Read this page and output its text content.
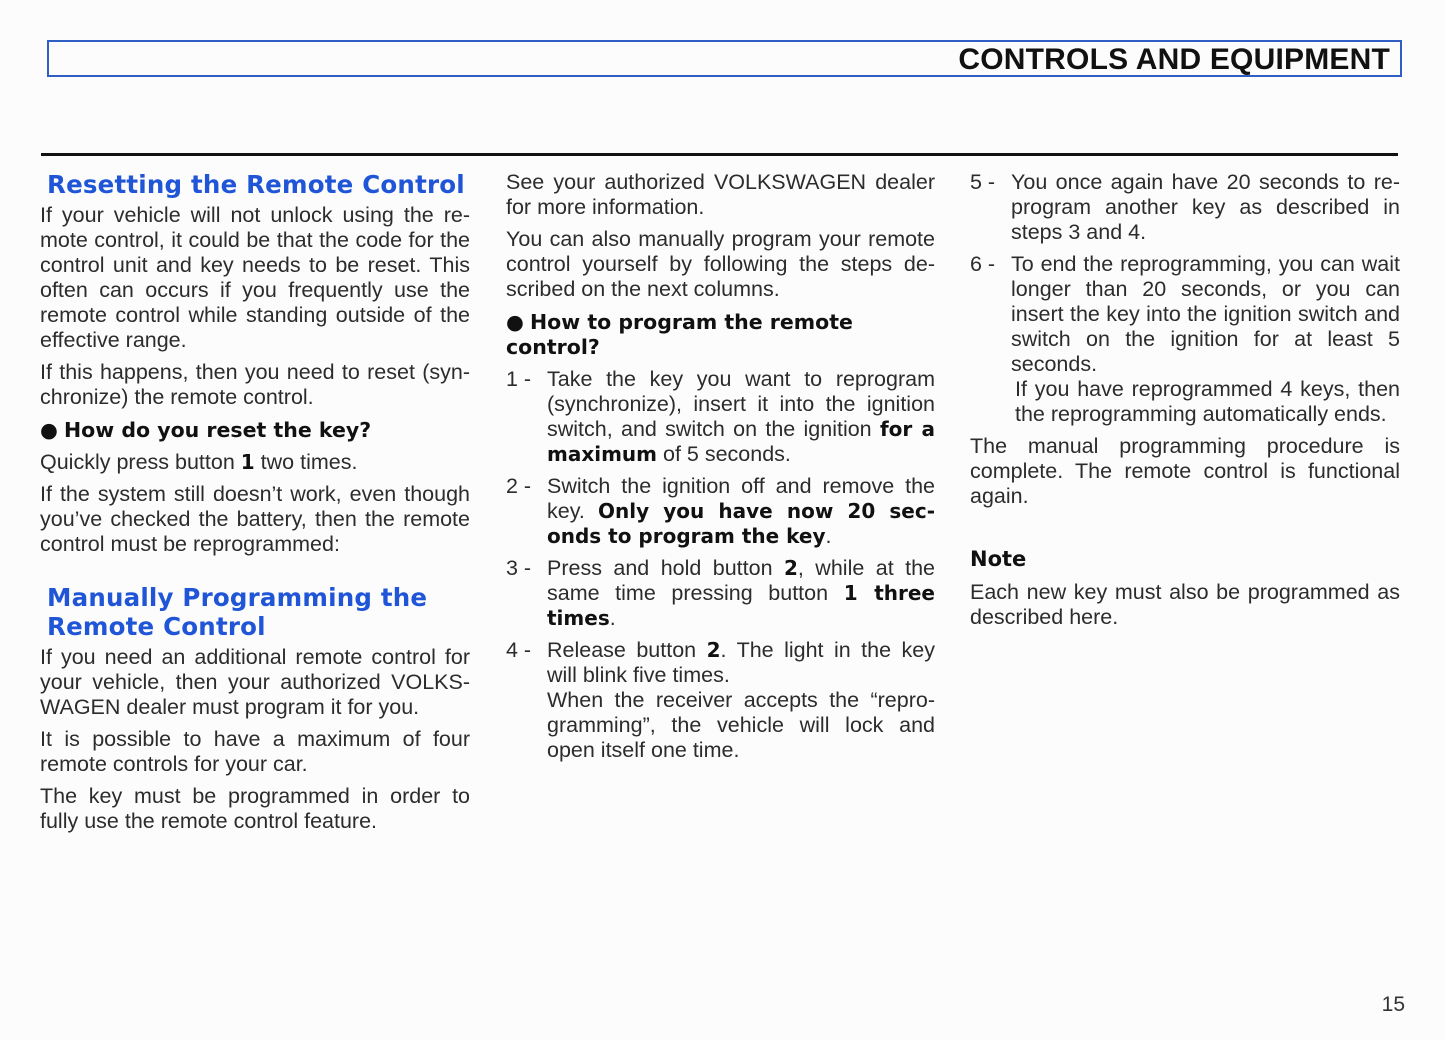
CONTROLS AND EQUIPMENT
Resetting the Remote Control

If your vehicle will not unlock using the re-mote control, it could be that the code for the control unit and key needs to be reset. This often can occurs if you frequently use the remote control while standing outside of the effective range.

If this happens, then you need to reset (syn-chronize) the remote control.

● How do you reset the key?

Quickly press button 1 two times.

If the system still doesn’t work, even though you’ve checked the battery, then the remote control must be reprogrammed:

Manually Programming the
Remote Control

If you need an additional remote control for your vehicle, then your authorized VOLKS-WAGEN dealer must program it for you.

It is possible to have a maximum of four remote controls for your car.

The key must be programmed in order to fully use the remote control feature.

See your authorized VOLKSWAGEN dealer for more information.

You can also manually program your remote control yourself by following the steps de-scribed on the next columns.

● How to program the remote control?
1 - Take the key you want to reprogram (synchronize), insert it into the ignition switch, and switch on the ignition for a maximum of 5 seconds.
2 - Switch the ignition off and remove the key. Only you have now 20 sec-onds to program the key.
3 - Press and hold button 2, while at the same time pressing button 1 three times.
4 - Release button 2. The light in the key will blink five times.
When the receiver accepts the “repro-gramming”, the vehicle will lock and open itself one time.
5 - You once again have 20 seconds to re-program another key as described in steps 3 and 4.
6 - To end the reprogramming, you can wait longer than 20 seconds, or you can insert the key into the ignition switch and switch on the ignition for at least 5 seconds.
If you have reprogrammed 4 keys, then the reprogramming automatically ends.

The manual programming procedure is complete. The remote control is functional again.

Note

Each new key must also be programmed as described here.

15
